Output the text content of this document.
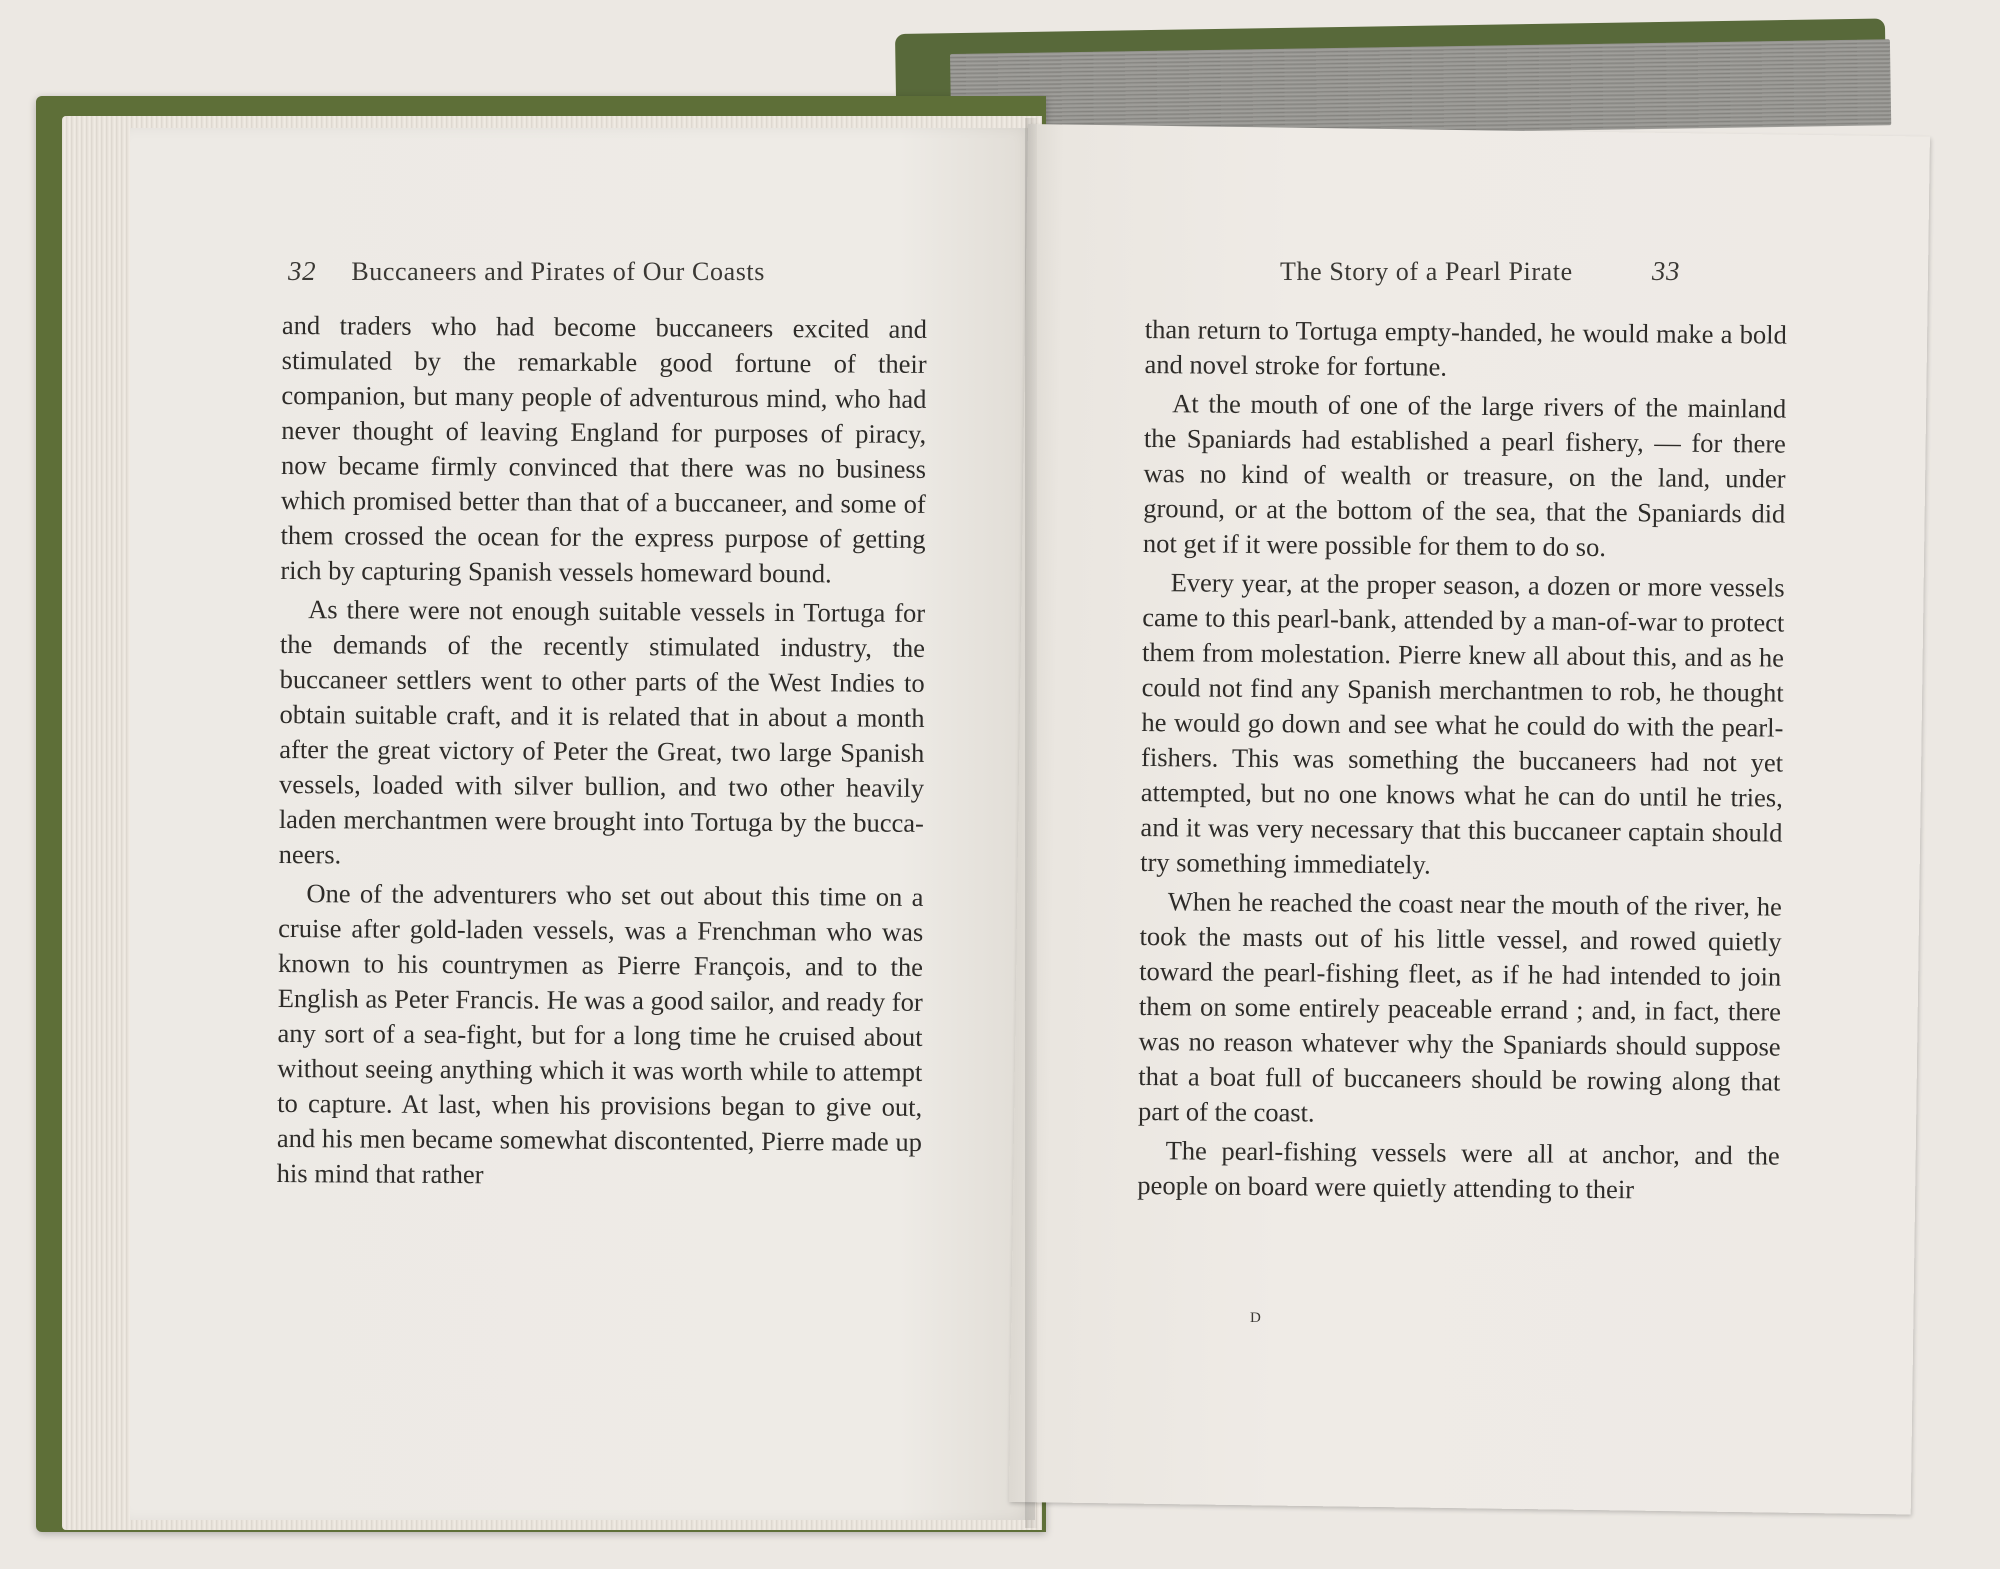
32 Buccaneers and Pirates of Our Coasts	The Story of a Pearl Pirate	33

and traders who had become buccaneers excited and stimulated by the remarkable good fortune of their companion, but many people of adventurous mind, who had never thought of leaving England for purposes of piracy, now became firmly convinced that there was no business which promised better than that of a buccaneer, and some of them crossed the ocean for the express purpose of getting rich by capturing Spanish vessels homeward bound.

As there were not enough suitable vessels in Tortuga for the demands of the recently stimulated industry, the buccaneer settlers went to other parts of the West Indies to obtain suitable craft, and it is related that in about a month after the great victory of Peter the Great, two large Spanish vessels, loaded with silver bullion, and two other heavily laden merchantmen were brought into Tortuga by the buccaneers.

One of the adventurers who set out about this time on a cruise after gold-laden vessels, was a Frenchman who was known to his countrymen as Pierre François, and to the English as Peter Francis. He was a good sailor, and ready for any sort of a sea-fight, but for a long time he cruised about without seeing anything which it was worth while to attempt to capture. At last, when his provisions began to give out, and his men became somewhat discontented, Pierre made up his mind that rather

than return to Tortuga empty-handed, he would make a bold and novel stroke for fortune.

At the mouth of one of the large rivers of the mainland the Spaniards had established a pearl fishery, — for there was no kind of wealth or treasure, on the land, under ground, or at the bottom of the sea, that the Spaniards did not get if it were possible for them to do so.

Every year, at the proper season, a dozen or more vessels came to this pearl-bank, attended by a man-of-war to protect them from molestation. Pierre knew all about this, and as he could not find any Spanish merchantmen to rob, he thought he would go down and see what he could do with the pearl-fishers. This was something the buccaneers had not yet attempted, but no one knows what he can do until he tries, and it was very necessary that this buccaneer captain should try something immediately.

When he reached the coast near the mouth of the river, he took the masts out of his little vessel, and rowed quietly toward the pearl-fishing fleet, as if he had intended to join them on some entirely peaceable errand ; and, in fact, there was no reason whatever why the Spaniards should suppose that a boat full of buccaneers should be rowing along that part of the coast.

The pearl-fishing vessels were all at anchor, and the people on board were quietly attending to their

D
